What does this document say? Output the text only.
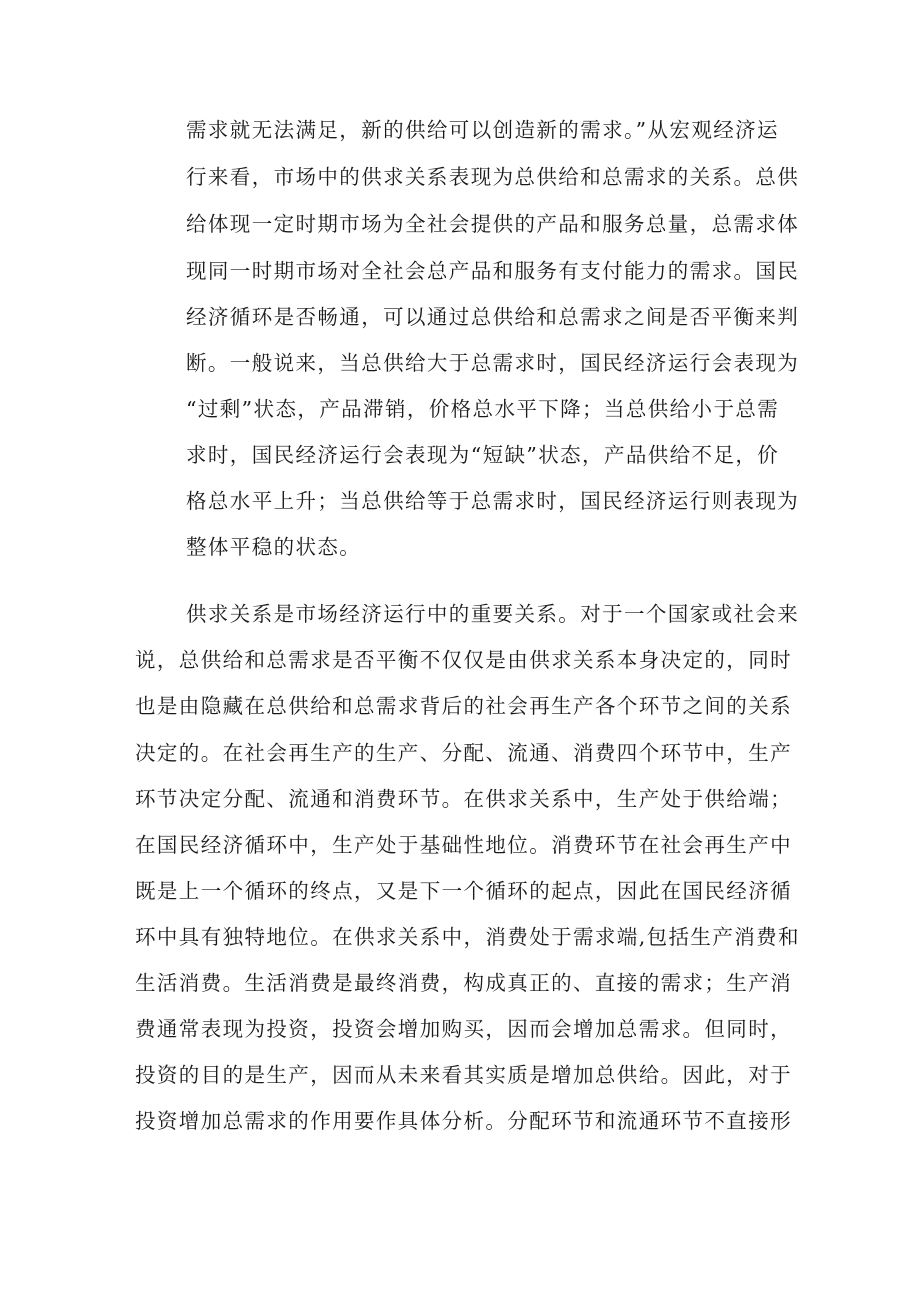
需求就无法满足，新的供给可以创造新的需求。”从宏观经济运
行来看，市场中的供求关系表现为总供给和总需求的关系。总供
给体现一定时期市场为全社会提供的产品和服务总量，总需求体
现同一时期市场对全社会总产品和服务有支付能力的需求。国民
经济循环是否畅通，可以通过总供给和总需求之间是否平衡来判
断。一般说来，当总供给大于总需求时，国民经济运行会表现为
“过剩”状态，产品滞销，价格总水平下降；当总供给小于总需
求时，国民经济运行会表现为“短缺”状态，产品供给不足，价
格总水平上升；当总供给等于总需求时，国民经济运行则表现为
整体平稳的状态。
供求关系是市场经济运行中的重要关系。对于一个国家或社会来
说，总供给和总需求是否平衡不仅仅是由供求关系本身决定的，同时
也是由隐藏在总供给和总需求背后的社会再生产各个环节之间的关系
决定的。在社会再生产的生产、分配、流通、消费四个环节中，生产
环节决定分配、流通和消费环节。在供求关系中，生产处于供给端；
在国民经济循环中，生产处于基础性地位。消费环节在社会再生产中
既是上一个循环的终点，又是下一个循环的起点，因此在国民经济循
环中具有独特地位。在供求关系中，消费处于需求端,包括生产消费和
生活消费。生活消费是最终消费，构成真正的、直接的需求；生产消
费通常表现为投资，投资会增加购买，因而会增加总需求。但同时，
投资的目的是生产，因而从未来看其实质是增加总供给。因此，对于
投资增加总需求的作用要作具体分析。分配环节和流通环节不直接形
